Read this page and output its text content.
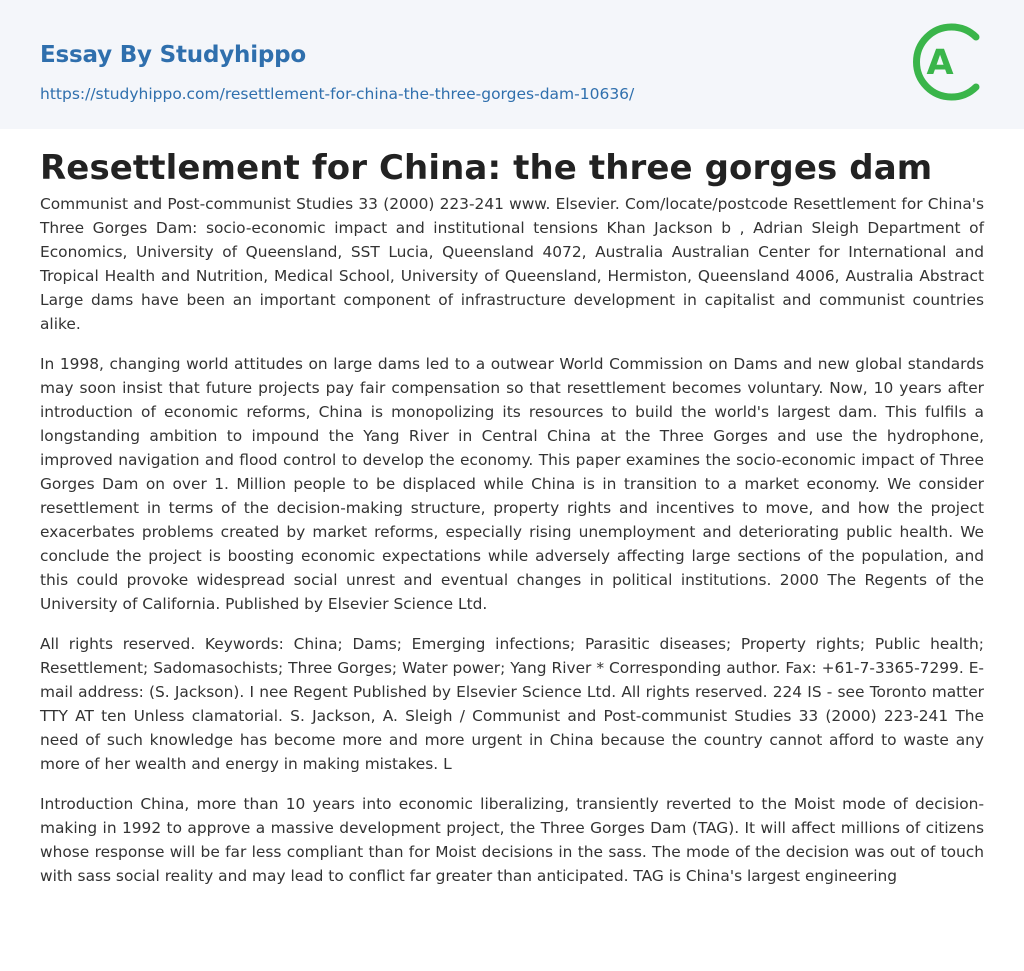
Essay By Studyhippo
https://studyhippo.com/resettlement-for-china-the-three-gorges-dam-10636/
A
Resettlement for China: the three gorges dam

Communist and Post-communist Studies 33 (2000) 223-241 www. Elsevier. Com/locate/postcode Resettlement for China's Three Gorges Dam: socio-economic impact and institutional tensions Khan Jackson b , Adrian Sleigh Department of Economics, University of Queensland, SST Lucia, Queensland 4072, Australia Australian Center for International and Tropical Health and Nutrition, Medical School, University of Queensland, Hermiston, Queensland 4006, Australia Abstract Large dams have been an important component of infrastructure development in capitalist and communist countries alike.

In 1998, changing world attitudes on large dams led to a outwear World Commission on Dams and new global standards may soon insist that future projects pay fair compensation so that resettlement becomes voluntary. Now, 10 years after introduction of economic reforms, China is monopolizing its resources to build the world's largest dam. This fulfils a longstanding ambition to impound the Yang River in Central China at the Three Gorges and use the hydrophone, improved navigation and flood control to develop the economy. This paper examines the socio-economic impact of Three Gorges Dam on over 1. Million people to be displaced while China is in transition to a market economy. We consider resettlement in terms of the decision-making structure, property rights and incentives to move, and how the project exacerbates problems created by market reforms, especially rising unemployment and deteriorating public health. We conclude the project is boosting economic expectations while adversely affecting large sections of the population, and this could provoke widespread social unrest and eventual changes in political institutions. 2000 The Regents of the University of California. Published by Elsevier Science Ltd.

All rights reserved. Keywords: China; Dams; Emerging infections; Parasitic diseases; Property rights; Public health; Resettlement; Sadomasochists; Three Gorges; Water power; Yang River * Corresponding author. Fax: +61-7-3365-7299. E-mail address: (S. Jackson). I nee Regent Published by Elsevier Science Ltd. All rights reserved. 224 IS - see Toronto matter TTY AT ten Unless clamatorial. S. Jackson, A. Sleigh / Communist and Post-communist Studies 33 (2000) 223-241 The need of such knowledge has become more and more urgent in China because the country cannot afford to waste any more of her wealth and energy in making mistakes. L

Introduction China, more than 10 years into economic liberalizing, transiently reverted to the Moist mode of decision-making in 1992 to approve a massive development project, the Three Gorges Dam (TAG). It will affect millions of citizens whose response will be far less compliant than for Moist decisions in the sass. The mode of the decision was out of touch with sass social reality and may lead to conflict far greater than anticipated. TAG is China's largest engineering
